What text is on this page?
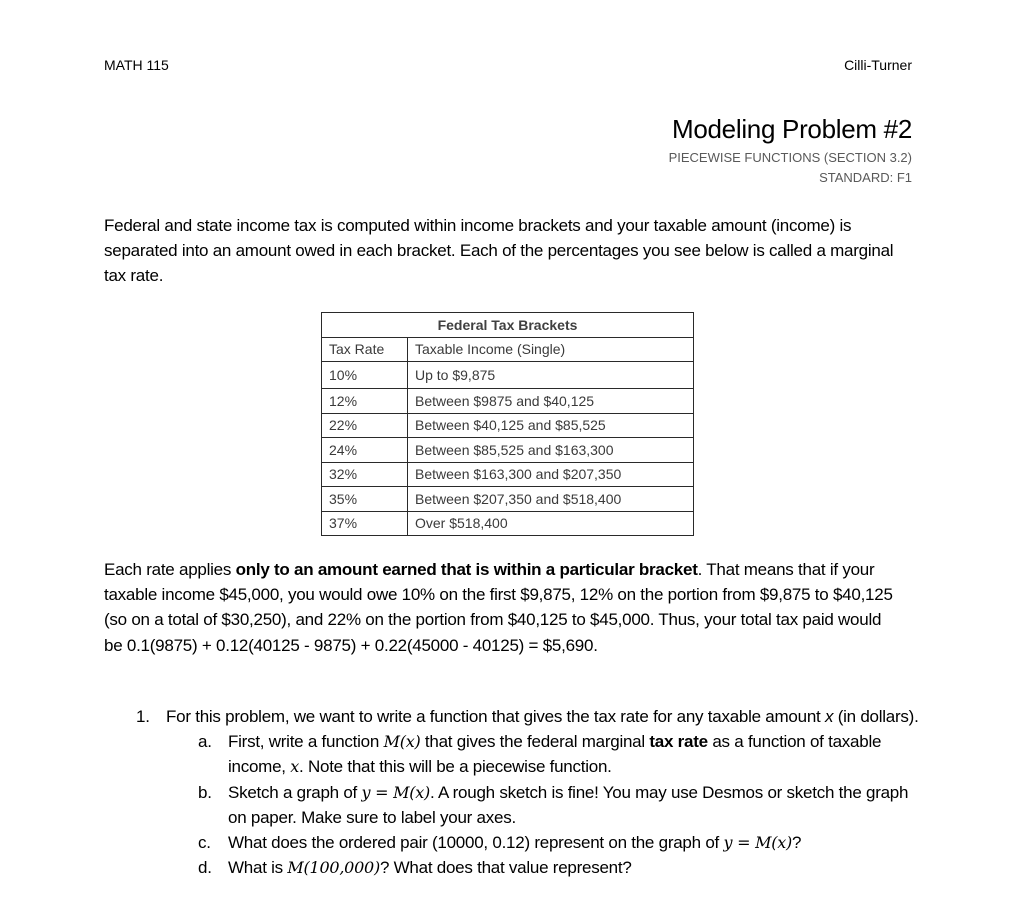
MATH 115	Cilli-Turner
Modeling Problem #2
PIECEWISE FUNCTIONS (SECTION 3.2)
STANDARD: F1

Federal and state income tax is computed within income brackets and your taxable amount (income) is separated into an amount owed in each bracket. Each of the percentages you see below is called a marginal tax rate.

Federal Tax Brackets	
Tax Rate	Taxable Income (Single)
10%	Up to $9,875
12%	Between $9875 and $40,125
22%	Between $40,125 and $85,525
24%	Between $85,525 and $163,300
32%	Between $163,300 and $207,350
35%	Between $207,350 and $518,400
37%	Over $518,400

Each rate applies only to an amount earned that is within a particular bracket. That means that if your taxable income $45,000, you would owe 10% on the first $9,875, 12% on the portion from $9,875 to $40,125 (so on a total of $30,250), and 22% on the portion from $40,125 to $45,000. Thus, your total tax paid would be 0.1(9875) + 0.12(40125 - 9875) + 0.22(45000 - 40125) = $5,690.

1. For this problem, we want to write a function that gives the tax rate for any taxable amount x (in dollars).
a. First, write a function M(x) that gives the federal marginal tax rate as a function of taxable income, x. Note that this will be a piecewise function.
b. Sketch a graph of y = M(x). A rough sketch is fine! You may use Desmos or sketch the graph on paper. Make sure to label your axes.
c.	What does the ordered pair (10000, 0.12) represent on the graph of y = M(x)?
d. What is M(100,000)? What does that value represent?
